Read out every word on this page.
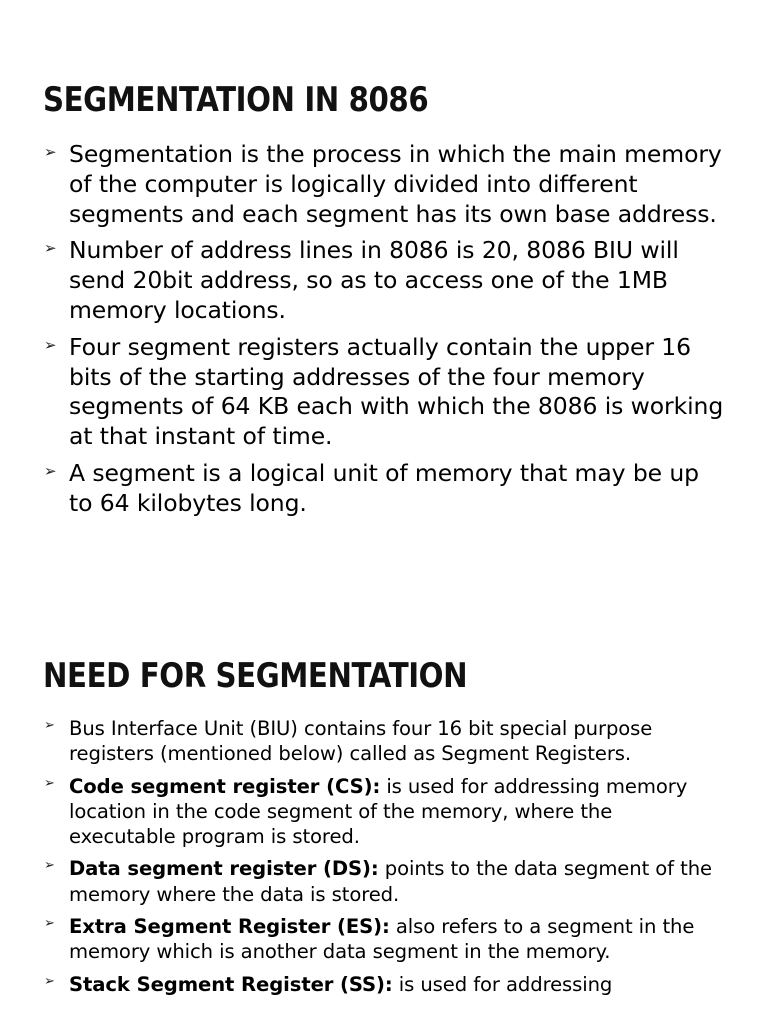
SEGMENTATION IN 8086
➢ Segmentation is the process in which the main memory of the computer is logically divided into different segments and each segment has its own base address.
➢ Number of address lines in 8086 is 20, 8086 BIU will send 20bit address, so as to access one of the 1MB memory locations.
➢ Four segment registers actually contain the upper 16 bits of the starting addresses of the four memory segments of 64 KB each with which the 8086 is working at that instant of time.
➢ A segment is a logical unit of memory that may be up to 64 kilobytes long.
NEED FOR SEGMENTATION
➢ Bus Interface Unit (BIU) contains four 16 bit special purpose registers (mentioned below) called as Segment Registers.
➢ Code segment register (CS): is used for addressing memory location in the code segment of the memory, where the executable program is stored.
➢ Data segment register (DS): points to the data segment of the memory where the data is stored.
➢ Extra Segment Register (ES): also refers to a segment in the memory which is another data segment in the memory.
➢ Stack Segment Register (SS): is used for addressing
